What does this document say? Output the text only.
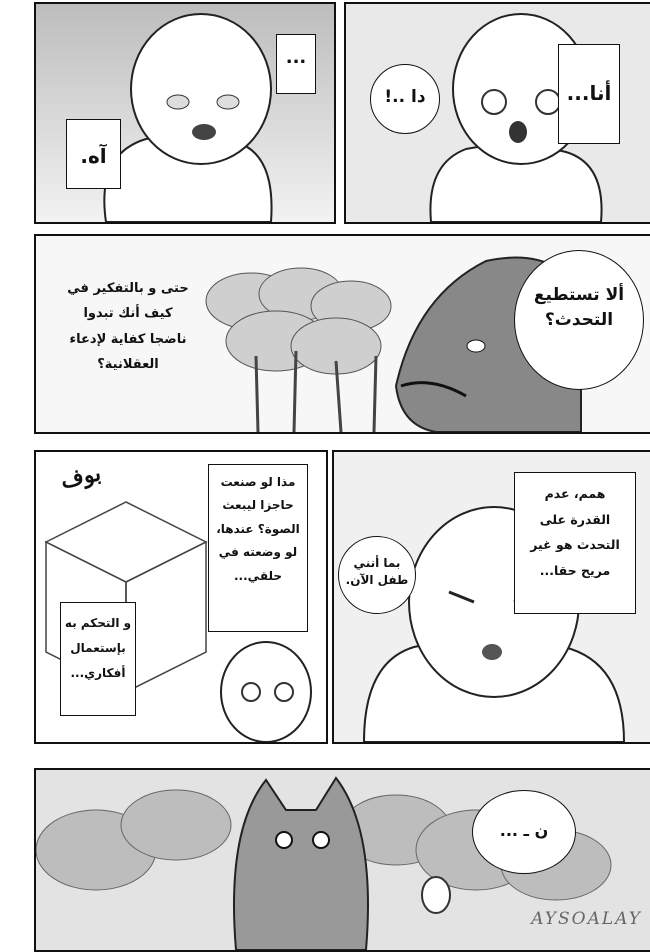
...
آه.
دا ..!	أنا...
ألا تستطيع
التحدث؟
حتى و بالتفكير في
كيف أنك تبدوا
ناضجا كفاية لإدعاء
العقلانية؟
بوف	مذا لو صنعت
حاجزا ليبعث
الصوة؟ عندها،
لو وضعته في
حلقي...
و التحكم به
بإستعمال
أفكاري...
همم، عدم
القدرة على
التحدث هو غير
مريح حقا...
بما أنني
طفل الآن.
ن ـ ...
AYSOALAY
